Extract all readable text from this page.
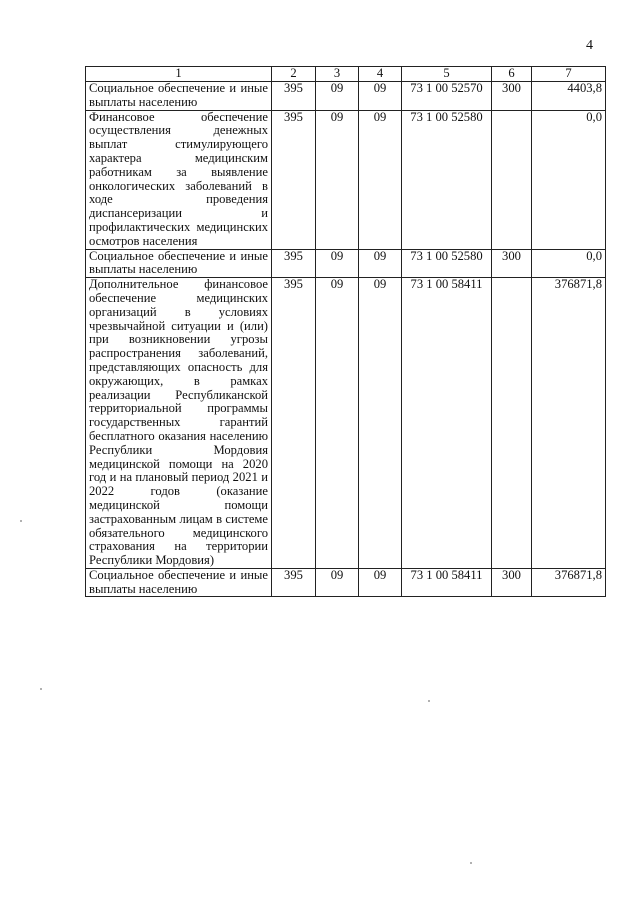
4
1	2	3	4	5	6	7
Социальное обеспечение и иные выплаты населению	395	09	09	73 1 00 52570	300	4403,8
Финансовое обеспечение осуществления денежных выплат стимулирующего характера медицинским работникам за выявление онкологических заболеваний в ходе проведения диспансеризации и профилактических медицинских осмотров населения	395	09	09	73 1 00 52580		0,0
Социальное обеспечение и иные выплаты населению	395	09	09	73 1 00 52580	300	0,0
Дополнительное финансовое обеспечение медицинских организаций в условиях чрезвычайной ситуации и (или) при возникновении угрозы распространения заболеваний, представляющих опасность для окружающих, в рамках реализации Республиканской территориальной программы государственных гарантий бесплатного оказания населению Республики Мордовия медицинской помощи на 2020 год и на плановый период 2021 и 2022 годов (оказание медицинской помощи застрахованным лицам в системе обязательного медицинского страхования на территории Республики Мордовия)	395	09	09	73 1 00 58411		376871,8
Социальное обеспечение и иные выплаты населению	395	09	09	73 1 00 58411	300	376871,8
